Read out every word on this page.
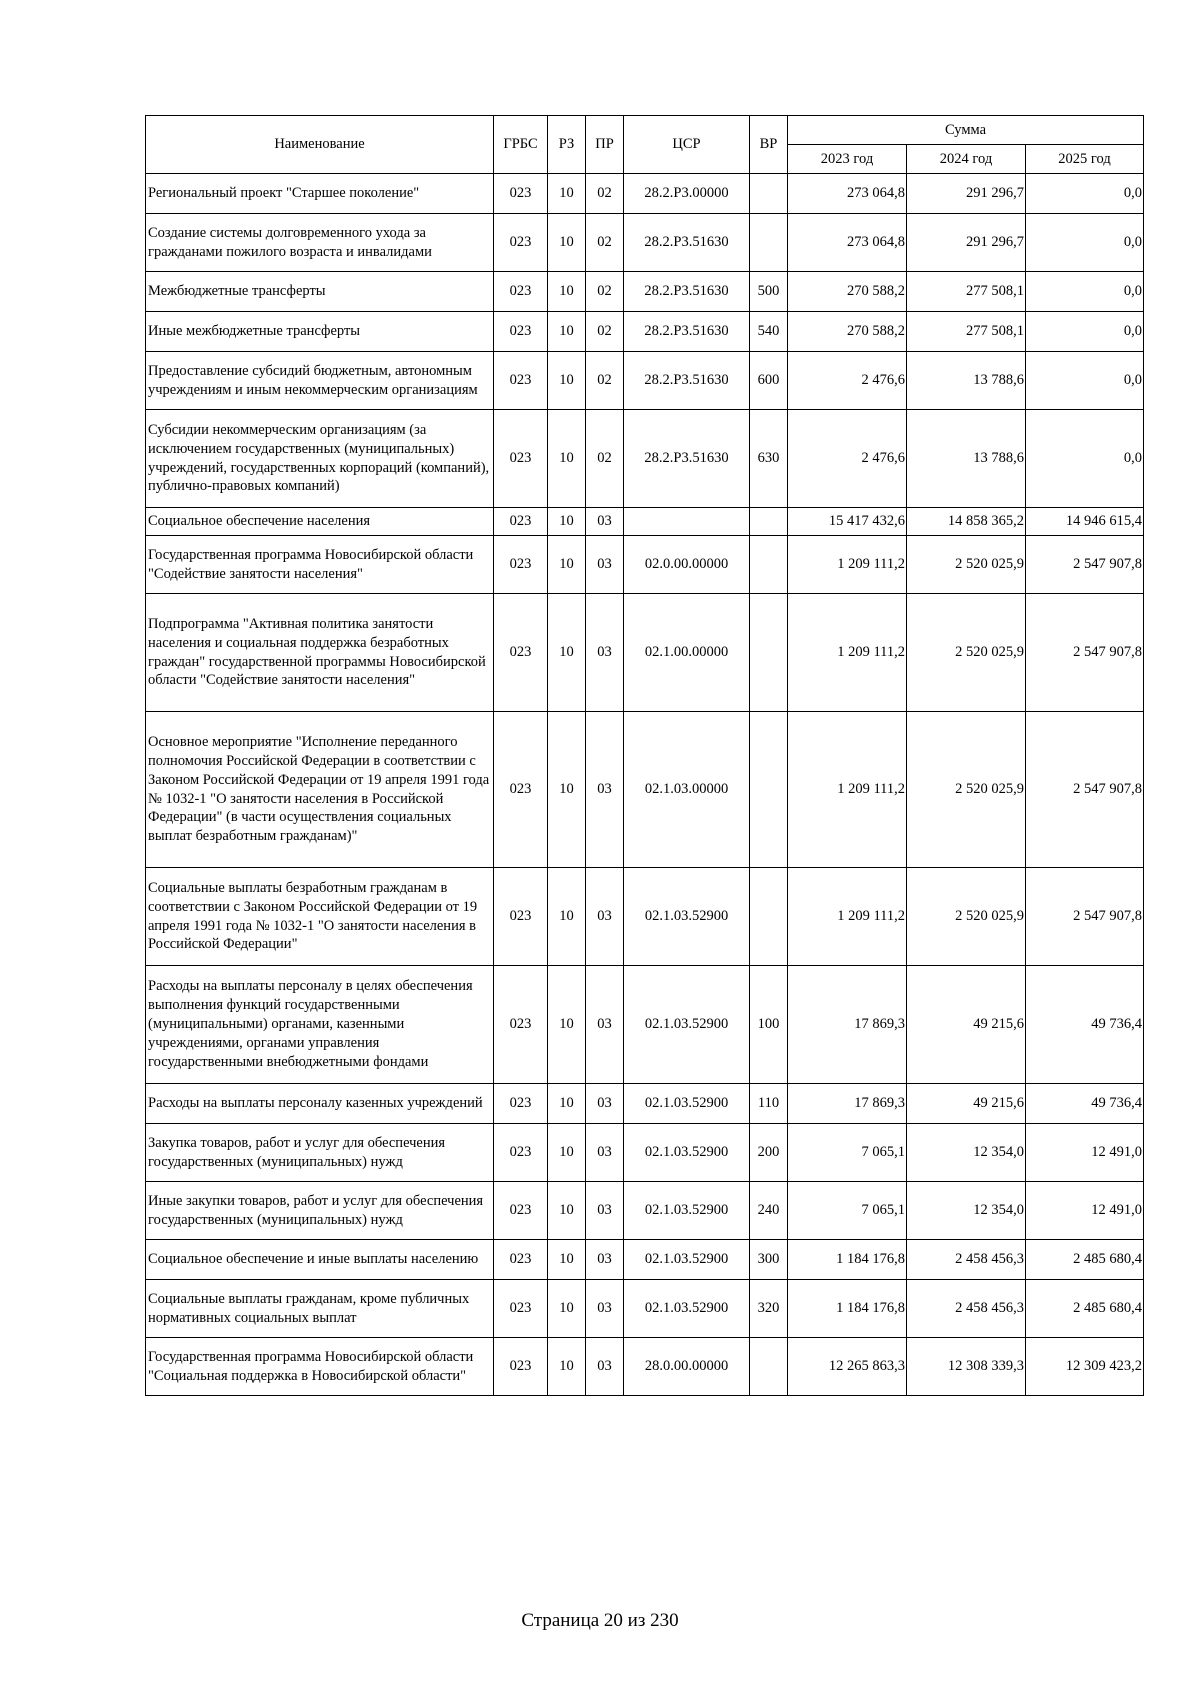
Наименование	ГРБС	РЗ	ПР	ЦСР	ВР	Сумма		
						2023 год	2024 год	2025 год
Региональный проект "Старшее поколение"	023	10	02	28.2.P3.00000		273 064,8	291 296,7	0,0
Создание системы долговременного ухода за гражданами пожилого возраста и инвалидами	023	10	02	28.2.P3.51630		273 064,8	291 296,7	0,0
Межбюджетные трансферты	023	10	02	28.2.P3.51630	500	270 588,2	277 508,1	0,0
Иные межбюджетные трансферты	023	10	02	28.2.P3.51630	540	270 588,2	277 508,1	0,0
Предоставление субсидий бюджетным, автономным учреждениям и иным некоммерческим организациям	023	10	02	28.2.P3.51630	600	2 476,6	13 788,6	0,0
Субсидии некоммерческим организациям (за исключением государственных (муниципальных) учреждений, государственных корпораций (компаний), публично-правовых компаний)	023	10	02	28.2.P3.51630	630	2 476,6	13 788,6	0,0
Социальное обеспечение населения	023	10	03			15 417 432,6	14 858 365,2	14 946 615,4
Государственная программа Новосибирской области "Содействие занятости населения"	023	10	03	02.0.00.00000		1 209 111,2	2 520 025,9	2 547 907,8
Подпрограмма "Активная политика занятости населения и социальная поддержка безработных граждан" государственной программы Новосибирской области "Содействие занятости населения"	023	10	03	02.1.00.00000		1 209 111,2	2 520 025,9	2 547 907,8
Основное мероприятие "Исполнение переданного полномочия Российской Федерации в соответствии с Законом Российской Федерации от 19 апреля 1991 года № 1032-1 "О занятости населения в Российской Федерации" (в части осуществления социальных выплат безработным гражданам)"	023	10	03	02.1.03.00000		1 209 111,2	2 520 025,9	2 547 907,8
Социальные выплаты безработным гражданам в соответствии с Законом Российской Федерации от 19 апреля 1991 года № 1032-1 "О занятости населения в Российской Федерации"	023	10	03	02.1.03.52900		1 209 111,2	2 520 025,9	2 547 907,8
Расходы на выплаты персоналу в целях обеспечения выполнения функций государственными (муниципальными) органами, казенными учреждениями, органами управления государственными внебюджетными фондами	023	10	03	02.1.03.52900	100	17 869,3	49 215,6	49 736,4
Расходы на выплаты персоналу казенных учреждений	023	10	03	02.1.03.52900	110	17 869,3	49 215,6	49 736,4
Закупка товаров, работ и услуг для обеспечения государственных (муниципальных) нужд	023	10	03	02.1.03.52900	200	7 065,1	12 354,0	12 491,0
Иные закупки товаров, работ и услуг для обеспечения государственных (муниципальных) нужд	023	10	03	02.1.03.52900	240	7 065,1	12 354,0	12 491,0
Социальное обеспечение и иные выплаты населению	023	10	03	02.1.03.52900	300	1 184 176,8	2 458 456,3	2 485 680,4
Социальные выплаты гражданам, кроме публичных нормативных социальных выплат	023	10	03	02.1.03.52900	320	1 184 176,8	2 458 456,3	2 485 680,4
Государственная программа Новосибирской области "Социальная поддержка в Новосибирской области"	023	10	03	28.0.00.00000		12 265 863,3	12 308 339,3	12 309 423,2
Страница 20 из 230
